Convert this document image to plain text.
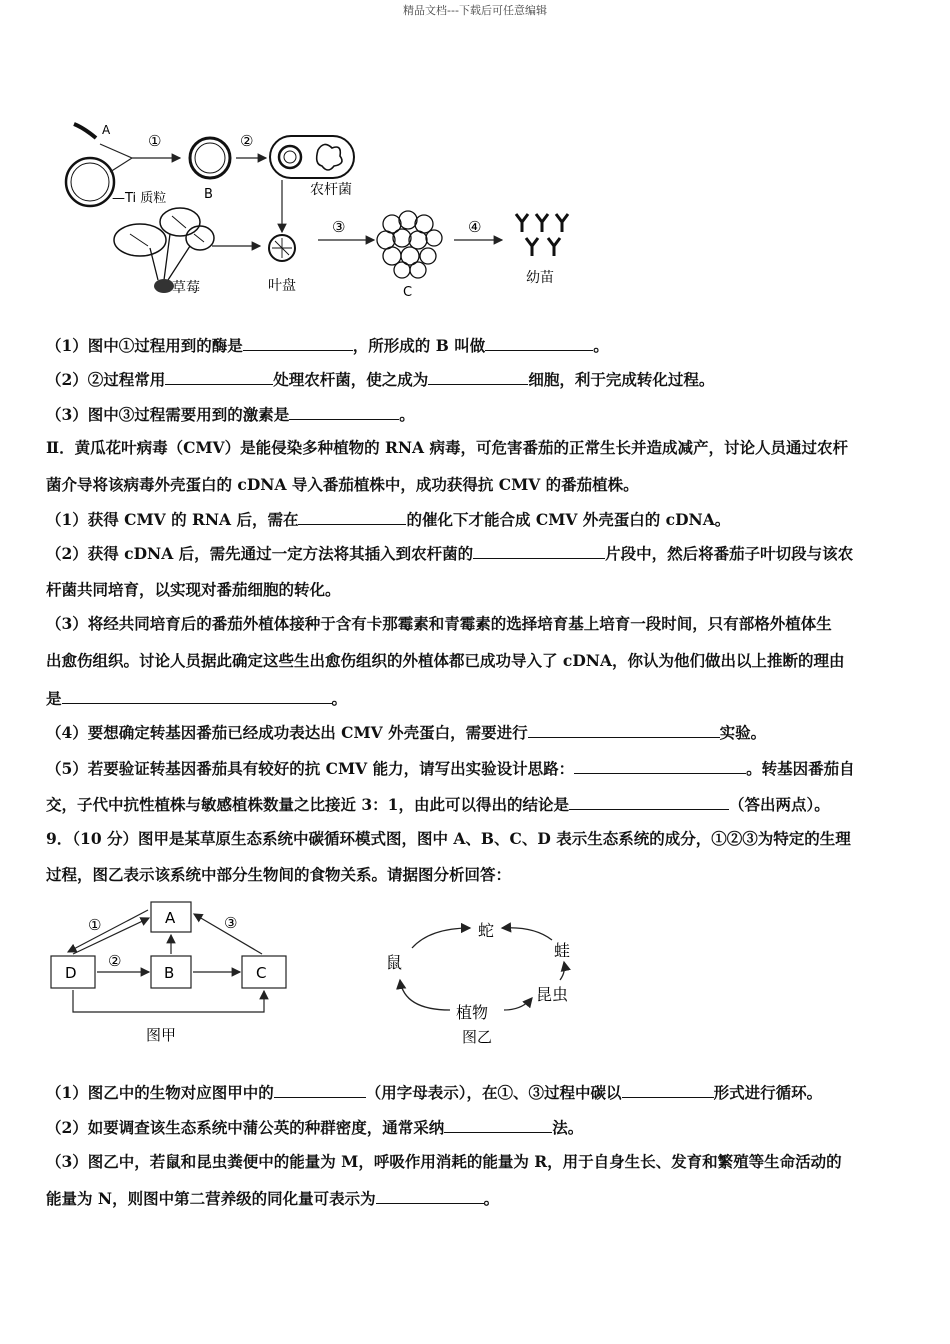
精品文档---下载后可任意编辑
A
—Ti 质粒
①
B
②
农杆菌
草莓	叶盘
③
C
④
幼苗
（1）图中①过程用到的酶是	，所形成的 B 叫做	。
（2）②过程常用	处理农杆菌，使之成为	细胞，利于完成转化过程。
（3）图中③过程需要用到的激素是	。
Ⅱ．黄瓜花叶病毒（CMV）是能侵染多种植物的 RNA 病毒，可危害番茄的正常生长并造成减产，讨论人员通过农杆
菌介导将该病毒外壳蛋白的 cDNA 导入番茄植株中，成功获得抗 CMV 的番茄植株。
（1）获得 CMV 的 RNA 后，需在	的催化下才能合成 CMV 外壳蛋白的 cDNA。
（2）获得 cDNA 后，需先通过一定方法将其插入到农杆菌的	片段中，然后将番茄子叶切段与该农
杆菌共同培育，以实现对番茄细胞的转化。
（3）将经共同培育后的番茄外植体接种于含有卡那霉素和青霉素的选择培育基上培育一段时间，只有部格外植体生
出愈伤组织。讨论人员据此确定这些生出愈伤组织的外植体都已成功导入了 cDNA，你认为他们做出以上推断的理由
是	。
（4）要想确定转基因番茄已经成功表达出 CMV 外壳蛋白，需要进行	实验。
（5）若要验证转基因番茄具有较好的抗 CMV 能力，请写出实验设计思路：	。转基因番茄自
交，子代中抗性植株与敏感植株数量之比接近 3：1，由此可以得出的结论是	（答出两点）。
9．（10 分）图甲是某草原生态系统中碳循环模式图，图中 A、B、C、D 表示生态系统的成分，①②③为特定的生理
过程，图乙表示该系统中部分生物间的食物关系。请据图分析回答：
A
D	B	C
①
②
③
图甲
蛇
蛙
昆虫
植物
鼠
图乙
（1）图乙中的生物对应图甲中的	（用字母表示），在①、③过程中碳以	形式进行循环。
（2）如要调查该生态系统中蒲公英的种群密度，通常采纳	法。
（3）图乙中，若鼠和昆虫粪便中的能量为 M，呼吸作用消耗的能量为 R，用于自身生长、发育和繁殖等生命活动的
能量为 N，则图中第二营养级的同化量可表示为	。
